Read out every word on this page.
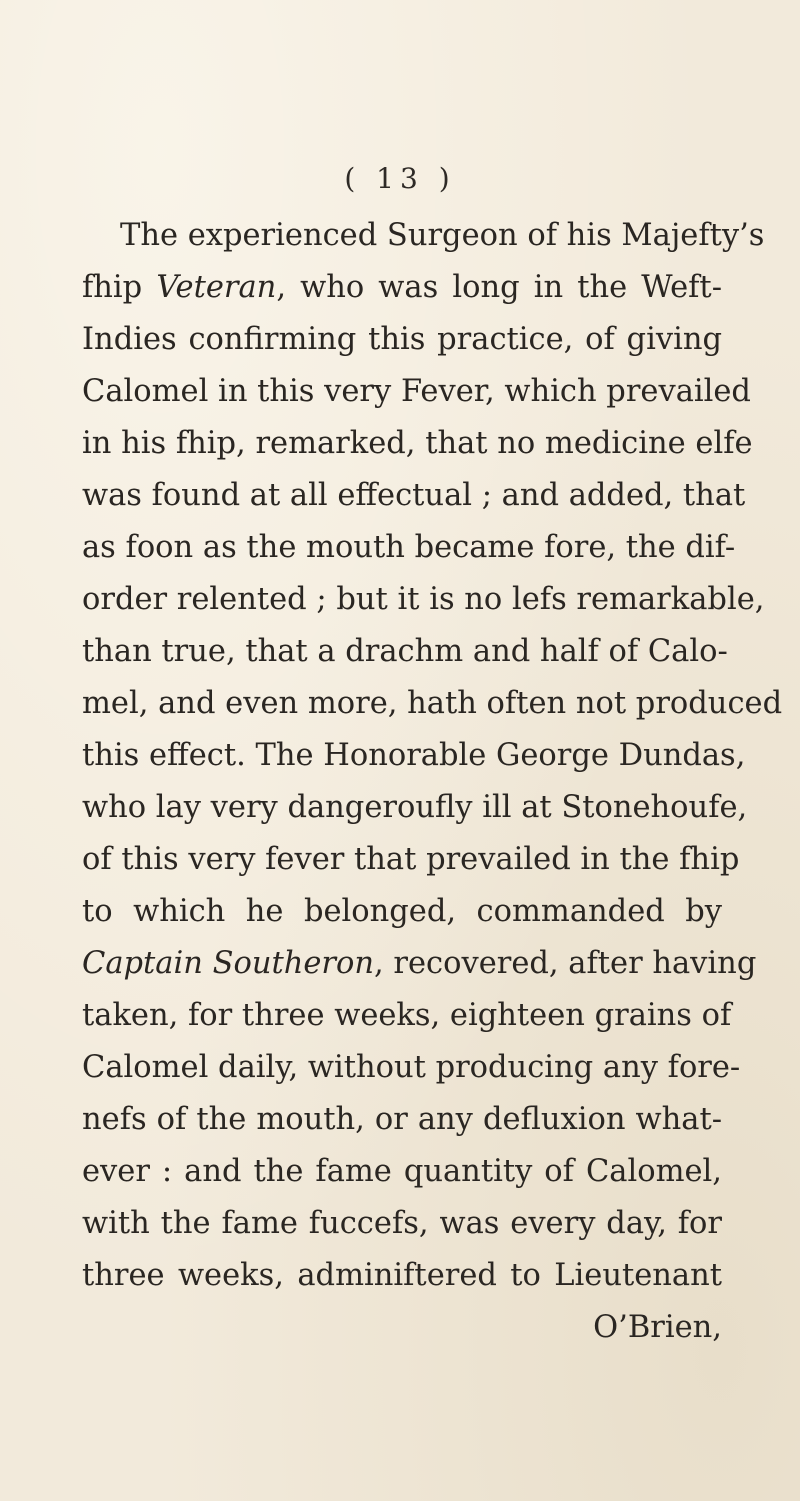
( 13 )
The experienced Surgeon of his Majefty’s
fhip Veteran, who was long in the Weft-
Indies confirming this practice, of giving
Calomel in this very Fever, which prevailed
in his fhip, remarked, that no medicine elfe
was found at all effectual ; and added, that
as foon as the mouth became fore, the dif-
order relented ; but it is no lefs remarkable,
than true, that a drachm and half of Calo-
mel, and even more, hath often not produced
this effect. The Honorable George Dundas,
who lay very dangeroufly ill at Stonehoufe,
of this very fever that prevailed in the fhip
to which he belonged, commanded by
Captain Southeron, recovered, after having
taken, for three weeks, eighteen grains of
Calomel daily, without producing any fore-
nefs of the mouth, or any defluxion what-
ever : and the fame quantity of Calomel,
with the fame fuccefs, was every day, for
three weeks, adminiftered to Lieutenant
O’Brien,
